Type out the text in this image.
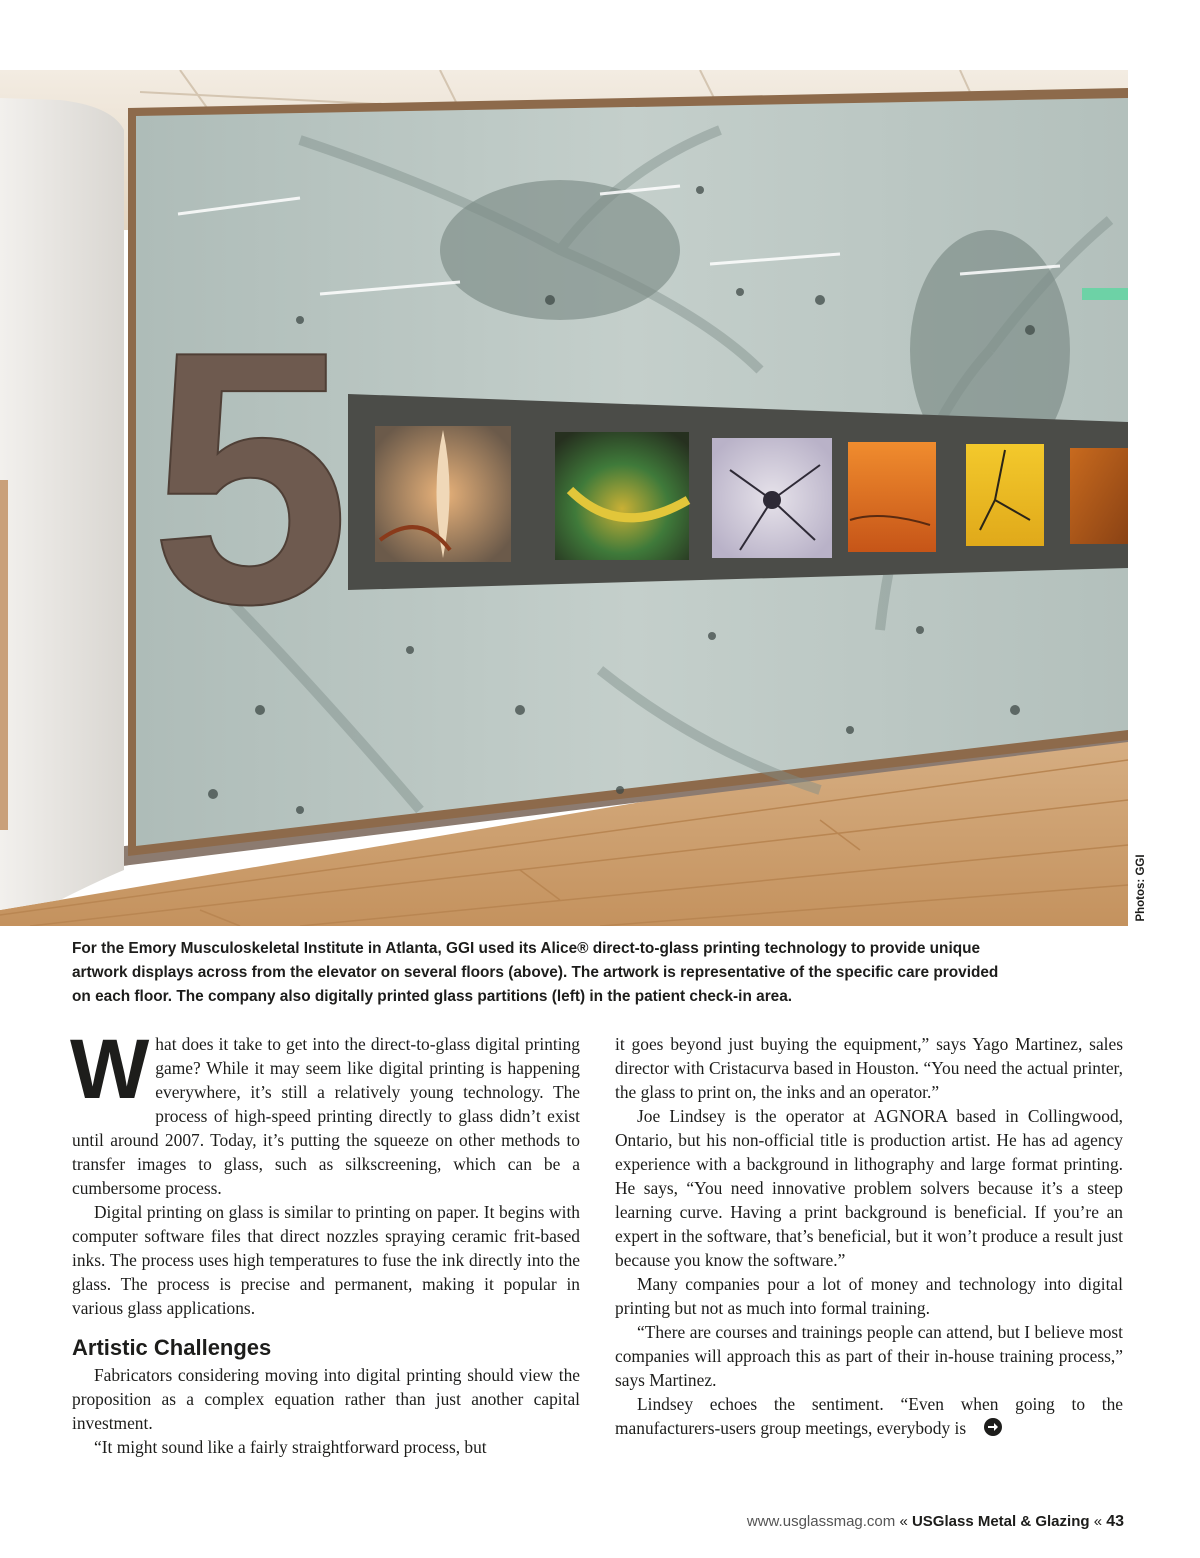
5
Photos: GGI

For the Emory Musculoskeletal Institute in Atlanta, GGI used its Alice® direct-to-glass printing technology to provide unique

artwork displays across from the elevator on several floors (above). The artwork is representative of the specific care provided

on each floor. The company also digitally printed glass partitions (left) in the patient check-in area.

What does it take to get into the direct-to-glass digital printing game? While it may seem like digital printing is happening everywhere, it’s still a relatively young technology. The process of high-speed printing directly to glass didn’t exist until around 2007. Today, it’s putting the squeeze on other methods to transfer images to glass, such as silkscreening, which can be a cumbersome process.

Digital printing on glass is similar to printing on paper. It begins with computer software files that direct nozzles spraying ceramic frit-based inks. The process uses high temperatures to fuse the ink directly into the glass. The process is precise and permanent, making it popular in various glass applications.

Artistic Challenges

Fabricators considering moving into digital printing should view the proposition as a complex equation rather than just another capital investment.

“It might sound like a fairly straightforward process, but

it goes beyond just buying the equipment,” says Yago Martinez, sales director with Cristacurva based in Houston. “You need the actual printer, the glass to print on, the inks and an operator.”

Joe Lindsey is the operator at AGNORA based in Collingwood, Ontario, but his non-official title is production artist. He has ad agency experience with a background in lithography and large format printing. He says, “You need innovative problem solvers because it’s a steep learning curve. Having a print background is beneficial. If you’re an expert in the software, that’s beneficial, but it won’t produce a result just because you know the software.”

Many companies pour a lot of money and technology into digital printing but not as much into formal training.

“There are courses and trainings people can attend, but I believe most companies will approach this as part of their in-house training process,” says Martinez.

Lindsey echoes the sentiment. “Even when going to the manufacturers-users group meetings, everybody is

www.usglassmag.com « USGlass Metal & Glazing « 43
